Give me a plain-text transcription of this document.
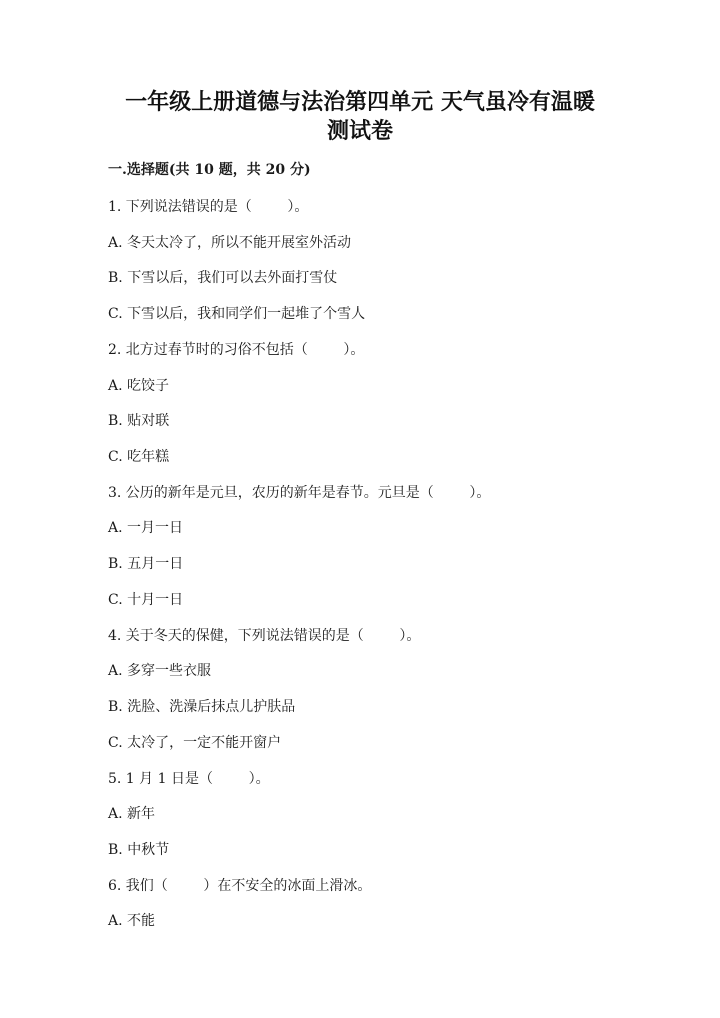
一年级上册道德与法治第四单元 天气虽冷有温暖
测试卷
一.选择题(共 10 题，共 20 分)
1. 下列说法错误的是（        ）。
A. 冬天太冷了，所以不能开展室外活动
B. 下雪以后，我们可以去外面打雪仗
C. 下雪以后，我和同学们一起堆了个雪人
2. 北方过春节时的习俗不包括（        ）。
A. 吃饺子
B. 贴对联
C. 吃年糕
3. 公历的新年是元旦，农历的新年是春节。元旦是（        ）。
A. 一月一日
B. 五月一日
C. 十月一日
4. 关于冬天的保健，下列说法错误的是（        ）。
A. 多穿一些衣服
B. 洗脸、洗澡后抹点儿护肤品
C. 太冷了，一定不能开窗户
5. 1 月 1 日是（        ）。
A. 新年
B. 中秋节
6. 我们（        ）在不安全的冰面上滑冰。
A. 不能
